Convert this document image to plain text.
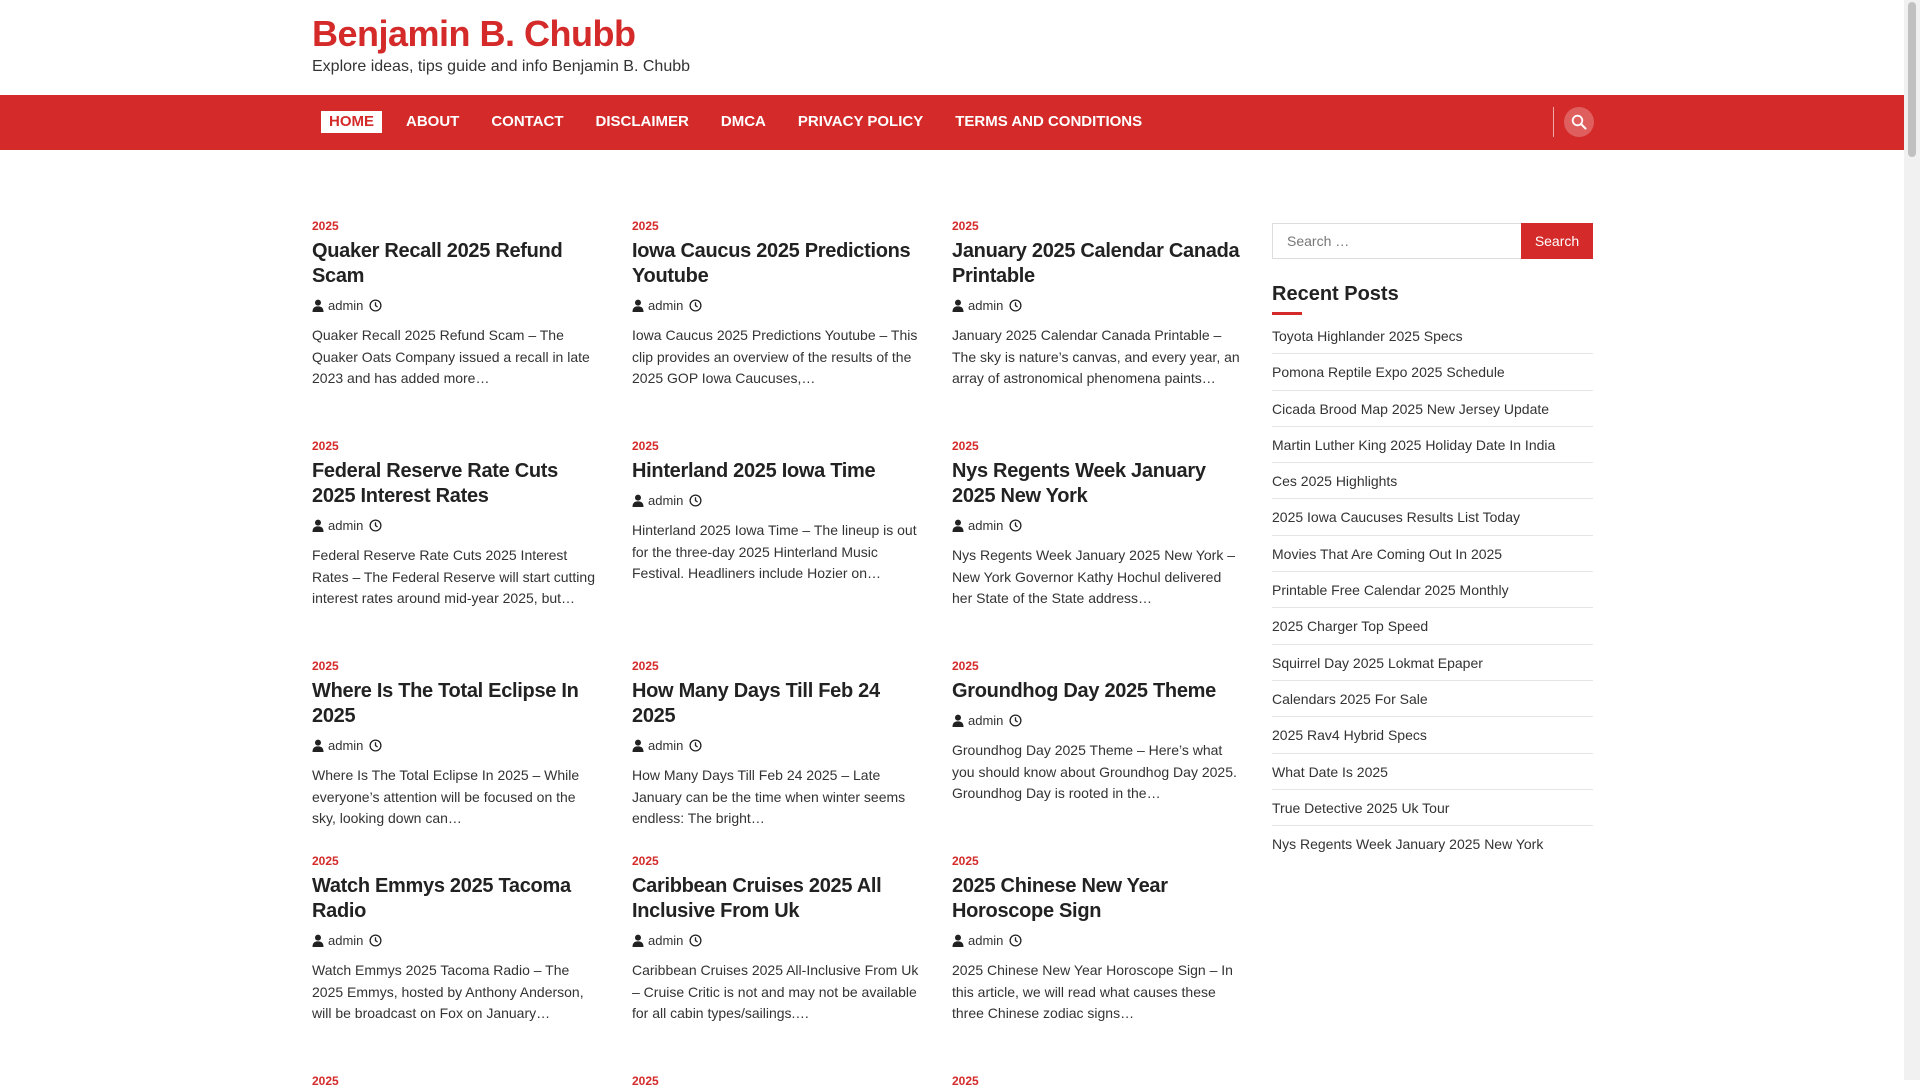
Benjamin B. Chubb
Explore ideas, tips guide and info Benjamin B. Chubb
HOME	ABOUT	CONTACT	DISCLAIMER	DMCA	PRIVACY POLICY	TERMS AND CONDITIONS
2025
Quaker Recall 2025 Refund Scam
admin
Quaker Recall 2025 Refund Scam – The Quaker Oats Company issued a recall in late 2023 and has added more…
2025
Iowa Caucus 2025 Predictions Youtube
admin
Iowa Caucus 2025 Predictions Youtube – This clip provides an overview of the results of the 2025 GOP Iowa Caucuses,…
2025
January 2025 Calendar Canada Printable
admin
January 2025 Calendar Canada Printable – The sky is nature’s canvas, and every year, an array of astronomical phenomena paints…
2025
Federal Reserve Rate Cuts 2025 Interest Rates
admin
Federal Reserve Rate Cuts 2025 Interest Rates – The Federal Reserve will start cutting interest rates around mid-year 2025, but…
2025
Hinterland 2025 Iowa Time
admin
Hinterland 2025 Iowa Time – The lineup is out for the three-day 2025 Hinterland Music Festival. Headliners include Hozier on…
2025
Nys Regents Week January 2025 New York
admin
Nys Regents Week January 2025 New York – New York Governor Kathy Hochul delivered her State of the State address…
2025
Where Is The Total Eclipse In 2025
admin
Where Is The Total Eclipse In 2025 – While everyone’s attention will be focused on the sky, looking down can…
2025
How Many Days Till Feb 24 2025
admin
How Many Days Till Feb 24 2025 – Late January can be the time when winter seems endless: The bright…
2025
Groundhog Day 2025 Theme
admin
Groundhog Day 2025 Theme – Here’s what you should know about Groundhog Day 2025. Groundhog Day is rooted in the…
2025
Watch Emmys 2025 Tacoma Radio
admin
Watch Emmys 2025 Tacoma Radio – The 2025 Emmys, hosted by Anthony Anderson, will be broadcast on Fox on January…
2025
Caribbean Cruises 2025 All Inclusive From Uk
admin
Caribbean Cruises 2025 All-Inclusive From Uk – Cruise Critic is not and may not be available for all cabin types/sailings.…
2025
2025 Chinese New Year Horoscope Sign
admin
2025 Chinese New Year Horoscope Sign – In this article, we will read what causes these three Chinese zodiac signs…
2025	2025	2025
Search …
Search
Recent Posts
Toyota Highlander 2025 Specs
Pomona Reptile Expo 2025 Schedule
Cicada Brood Map 2025 New Jersey Update
Martin Luther King 2025 Holiday Date In India
Ces 2025 Highlights
2025 Iowa Caucuses Results List Today
Movies That Are Coming Out In 2025
Printable Free Calendar 2025 Monthly
2025 Charger Top Speed
Squirrel Day 2025 Lokmat Epaper
Calendars 2025 For Sale
2025 Rav4 Hybrid Specs
What Date Is 2025
True Detective 2025 Uk Tour
Nys Regents Week January 2025 New York
